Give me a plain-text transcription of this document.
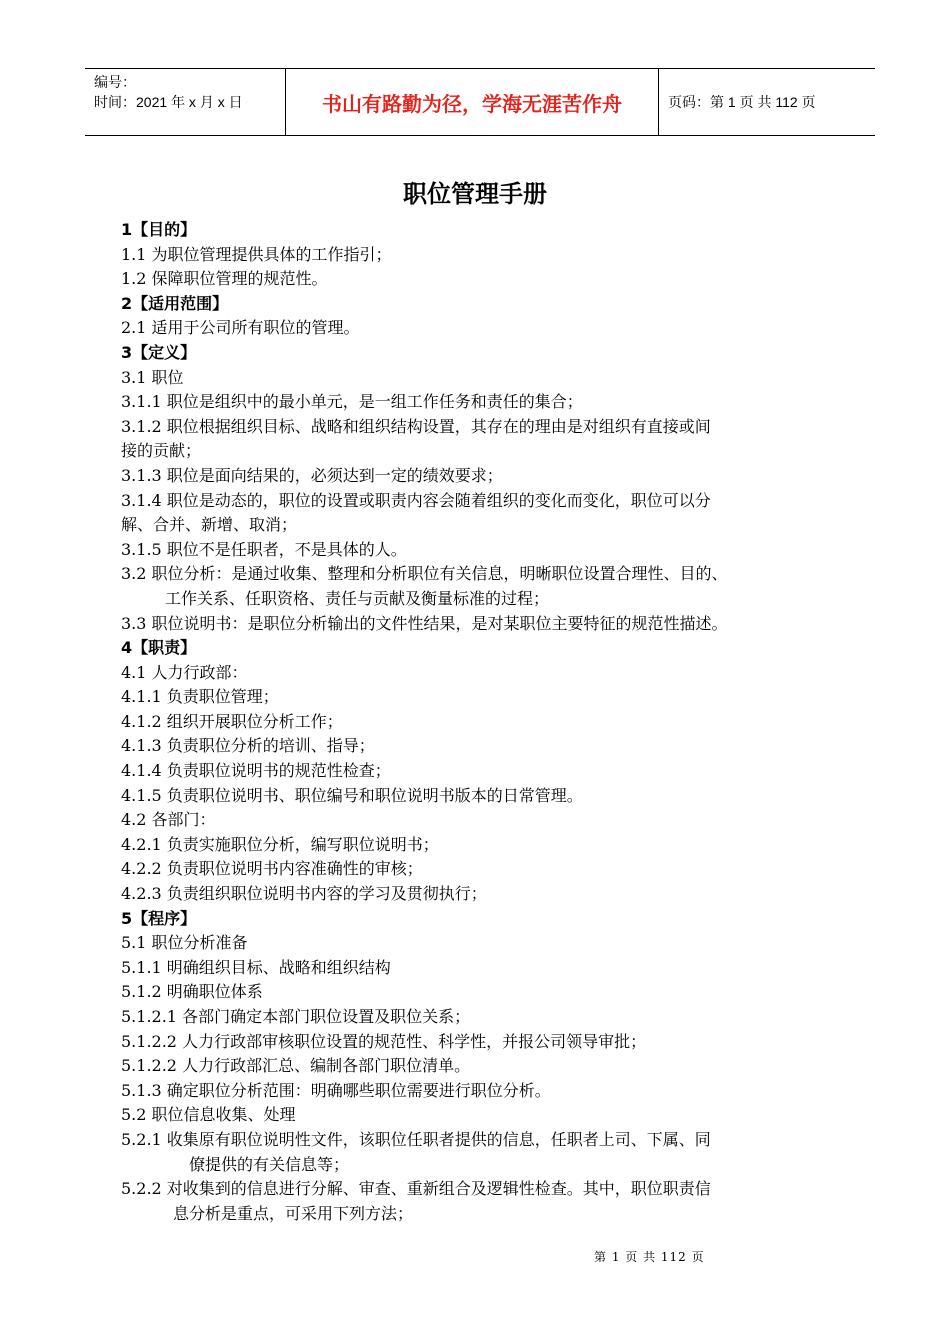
编号：
时间：2021 年 x 月 x 日	书山有路勤为径，学海无涯苦作舟	页码：第 1 页 共 112 页
职位管理手册
1【目的】
1.1 为职位管理提供具体的工作指引；
1.2 保障职位管理的规范性。
2【适用范围】
2.1 适用于公司所有职位的管理。
3【定义】
3.1 职位
3.1.1 职位是组织中的最小单元，是一组工作任务和责任的集合；
3.1.2 职位根据组织目标、战略和组织结构设置，其存在的理由是对组织有直接或间
接的贡献；
3.1.3 职位是面向结果的，必须达到一定的绩效要求；
3.1.4 职位是动态的，职位的设置或职责内容会随着组织的变化而变化，职位可以分
解、合并、新增、取消；
3.1.5 职位不是任职者，不是具体的人。
3.2 职位分析：是通过收集、整理和分析职位有关信息，明晰职位设置合理性、目的、
工作关系、任职资格、责任与贡献及衡量标准的过程；
3.3 职位说明书：是职位分析输出的文件性结果，是对某职位主要特征的规范性描述。
4【职责】
4.1 人力行政部：
4.1.1 负责职位管理；
4.1.2 组织开展职位分析工作；
4.1.3 负责职位分析的培训、指导；
4.1.4 负责职位说明书的规范性检查；
4.1.5 负责职位说明书、职位编号和职位说明书版本的日常管理。
4.2 各部门：
4.2.1 负责实施职位分析，编写职位说明书；
4.2.2 负责职位说明书内容准确性的审核；
4.2.3 负责组织职位说明书内容的学习及贯彻执行；
5【程序】
5.1 职位分析准备
5.1.1 明确组织目标、战略和组织结构
5.1.2 明确职位体系
5.1.2.1 各部门确定本部门职位设置及职位关系；
5.1.2.2 人力行政部审核职位设置的规范性、科学性，并报公司领导审批；
5.1.2.2 人力行政部汇总、编制各部门职位清单。
5.1.3 确定职位分析范围：明确哪些职位需要进行职位分析。
5.2 职位信息收集、处理
5.2.1 收集原有职位说明性文件，该职位任职者提供的信息，任职者上司、下属、同
僚提供的有关信息等；
5.2.2 对收集到的信息进行分解、审查、重新组合及逻辑性检查。其中，职位职责信
息分析是重点，可采用下列方法；
第 1 页 共 112 页
